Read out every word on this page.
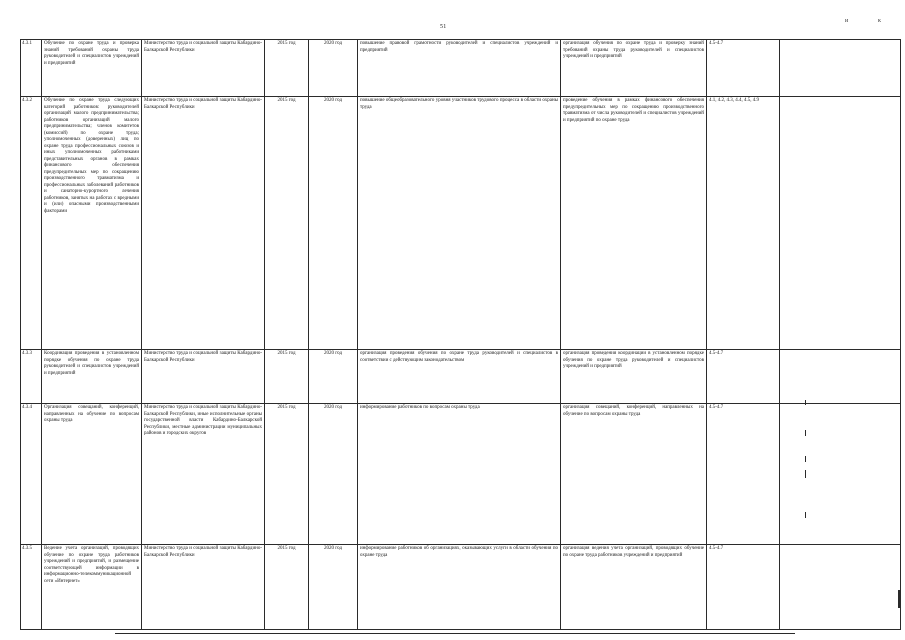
51
и	к
4.3.1	Обучение по охране труда и проверка знаний требований охраны труда руководителей и специалистов учреждений и предприятий	Министерство труда и социальной защиты Кабардино-Балкарской Республики	2015 год	2020 год	повышение правовой грамотности руководителей и специалистов учреждений и предприятий	организация обучения по охране труда и проверку знаний требований охраны труда руководителей и специалистов учреждений и предприятий	4.5-4.7	
4.3.2	Обучение по охране труда следующих категорий работников: руководителей организаций малого предпринимательства; работников организаций малого предпринимательства; членов комитетов (комиссий) по охране труда; уполномоченных (доверенных) лиц по охране труда профессиональных союзов и иных уполномоченных работниками представительных органов в рамках финансового обеспечения предупредительных мер по сокращению производственного травматизма и профессиональных заболеваний работников и санаторно-курортного лечения работников, занятых на работах с вредными и (или) опасными производственными факторами	Министерство труда и социальной защиты Кабардино-Балкарской Республики	2015 год	2020 год	повышение общеобразовательного уровня участников трудового процесса в области охраны труда	проведение обучения в рамках финансового обеспечения предупредительных мер по сокращению производственного травматизма от числа руководителей и специалистов учреждений и предприятий по охране труда	4.1, 4.2, 4.3, 4.4, 4.5, 4.9	
4.3.3	Координация проведения в установленном порядке обучения по охране труда руководителей и специалистов учреждений и предприятий	Министерство труда и социальной защиты Кабардино-Балкарской Республики	2015 год	2020 год	организация проведения обучения по охране труда руководителей и специалистов в соответствии с действующим законодательством	организация проведения координации в установленном порядке обучения по охране труда руководителей и специалистов учреждений и предприятий	4.5-4.7	
4.3.4	Организация совещаний, конференций, направленных на обучение по вопросам охраны труда	Министерство труда и социальной защиты Кабардино-Балкарской Республики, иные исполнительные органы государственной власти Кабардино-Балкарской Республики, местные администрации муниципальных районов и городских округов	2015 год	2020 год	информирование работников по вопросам охраны труда	организация совещаний, конференций, направленных на обучение по вопросам охраны труда	4.5-4.7	
4.3.5	Ведение учета организаций, проводящих обучение по охране труда работников учреждений и предприятий, и размещение соответствующей информации в информационно-телекоммуникационной сети «Интернет»	Министерство труда и социальной защиты Кабардино-Балкарской Республики	2015 год	2020 год	информирование работников об организациях, оказывающих услуги в области обучения по охране труда	организация ведения учета организаций, проводящих обучение по охране труда работников учреждений и предприятий	4.5-4.7	
